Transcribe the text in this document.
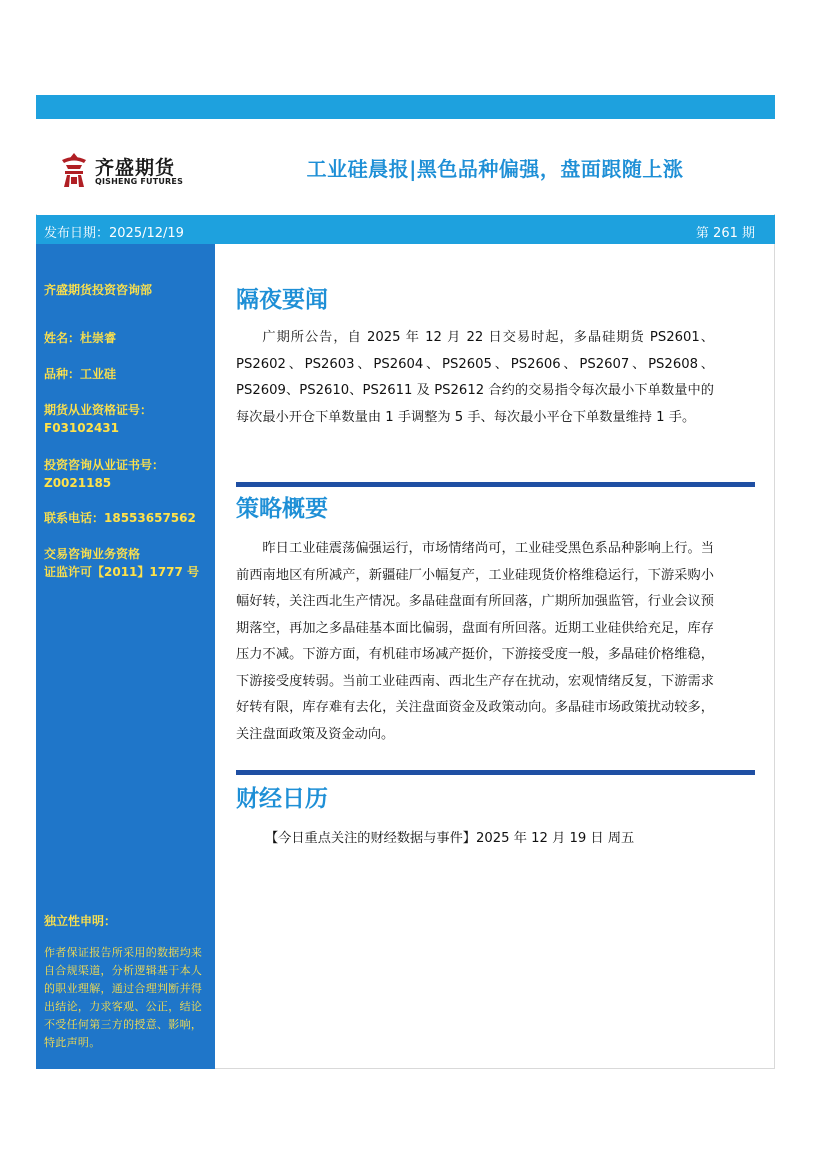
齐盛期货
QISHENG FUTURES
工业硅晨报|黑色品种偏强，盘面跟随上涨
发布日期：2025/12/19	第 261 期
齐盛期货投资咨询部
姓名：杜崇睿
品种：工业硅
期货从业资格证号：
F03102431
投资咨询从业证书号：
Z0021185
联系电话：18553657562
交易咨询业务资格
证监许可【2011】1777 号
独立性申明：
作者保证报告所采用的数据均来自合规渠道，分析逻辑基于本人的职业理解，通过合理判断并得出结论，力求客观、公正，结论不受任何第三方的授意、影响，特此声明。
隔夜要闻
广期所公告，自 2025 年 12 月 22 日交易时起，多晶硅期货 PS2601、PS2602、PS2603、PS2604、PS2605、PS2606、PS2607、PS2608、PS2609、PS2610、PS2611 及 PS2612 合约的交易指令每次最小下单数量中的每次最小开仓下单数量由 1 手调整为 5 手、每次最小平仓下单数量维持 1 手。
策略概要
昨日工业硅震荡偏强运行，市场情绪尚可，工业硅受黑色系品种影响上行。当前西南地区有所减产，新疆硅厂小幅复产，工业硅现货价格维稳运行，下游采购小幅好转，关注西北生产情况。多晶硅盘面有所回落，广期所加强监管，行业会议预期落空，再加之多晶硅基本面比偏弱，盘面有所回落。近期工业硅供给充足，库存压力不减。下游方面，有机硅市场减产挺价，下游接受度一般，多晶硅价格维稳，下游接受度转弱。当前工业硅西南、西北生产存在扰动，宏观情绪反复，下游需求好转有限，库存难有去化，关注盘面资金及政策动向。多晶硅市场政策扰动较多，关注盘面政策及资金动向。
财经日历
【今日重点关注的财经数据与事件】2025 年 12 月 19 日 周五
